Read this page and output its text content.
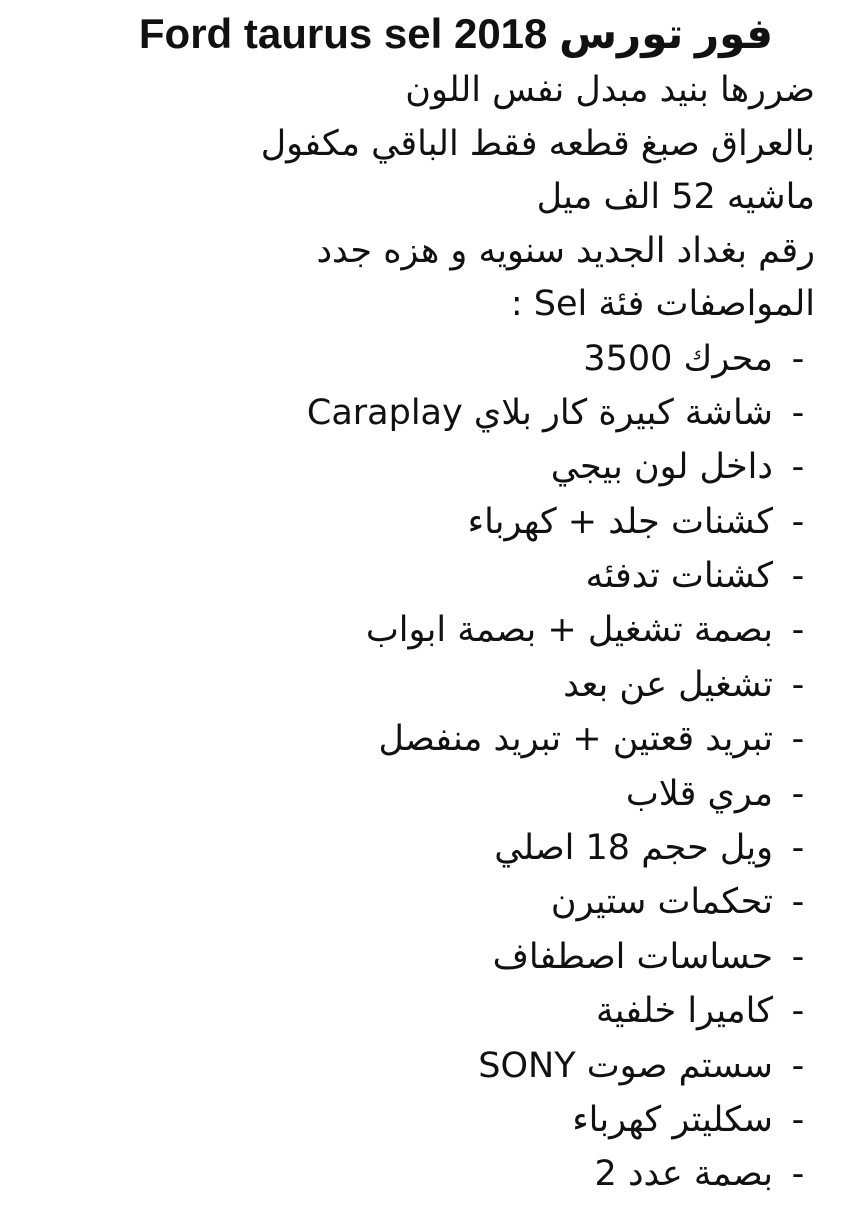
Ford taurus sel 2018 فور تورس
ضررها بنيد مبدل نفس اللون
بالعراق صبغ قطعه فقط الباقي مكفول
ماشيه 52 الف ميل
رقم بغداد الجديد سنويه و هزه جدد
المواصفات فئة Sel :
-
محرك 3500
-
شاشة كبيرة كار بلاي Caraplay
-
داخل لون بيجي
-
كشنات جلد + كهرباء
-
كشنات تدفئه
-
بصمة تشغيل + بصمة ابواب
-
تشغيل عن بعد
-
تبريد قعتين + تبريد منفصل
-
مري قلاب
-
ويل حجم 18 اصلي
-
تحكمات ستيرن
-
حساسات اصطفاف
-
كاميرا خلفية
-
سستم صوت SONY
-
سكليتر كهرباء
-
بصمة عدد 2
